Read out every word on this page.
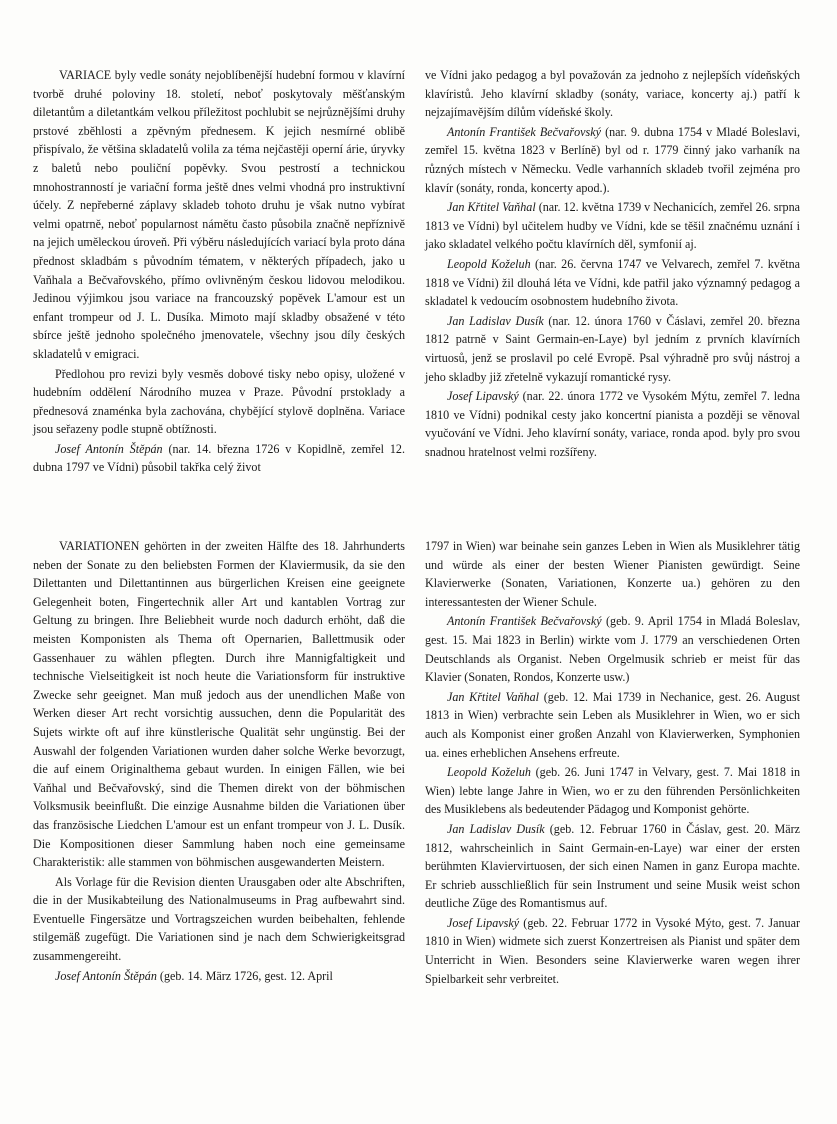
VARIACE byly vedle sonáty nejoblíbenější hudební formou v klavírní tvorbě druhé poloviny 18. století, neboť poskytovaly měšťanským diletantům a diletantkám velkou příležitost pochlubit se nejrůznějšími druhy prstové zběhlosti a zpěvným přednesem. K jejich nesmírné oblibě přispívalo, že většina skladatelů volila za téma nejčastěji operní árie, úryvky z baletů nebo pouliční popěvky. Svou pestrostí a technickou mnohostranností je variační forma ještě dnes velmi vhodná pro instruktivní účely. Z nepřeberné záplavy skladeb tohoto druhu je však nutno vybírat velmi opatrně, neboť popularnost námětu často působila značně nepříznivě na jejich uměleckou úroveň. Při výběru následujících variací byla proto dána přednost skladbám s původním tématem, v některých případech, jako u Vaňhala a Bečvařovského, přímo ovlivněným českou lidovou melodikou. Jedinou výjimkou jsou variace na francouzský popěvek L'amour est un enfant trompeur od J. L. Dusíka. Mimoto mají skladby obsažené v této sbírce ještě jednoho společného jmenovatele, všechny jsou díly českých skladatelů v emigraci.

Předlohou pro revizi byly vesměs dobové tisky nebo opisy, uložené v hudebním oddělení Národního muzea v Praze. Původní prstoklady a přednesová znaménka byla zachována, chybějící stylově doplněna. Variace jsou seřazeny podle stupně obtížnosti.

Josef Antonín Štěpán (nar. 14. března 1726 v Kopidlně, zemřel 12. dubna 1797 ve Vídni) působil takřka celý život

ve Vídni jako pedagog a byl považován za jednoho z nejlepších vídeňských klavíristů. Jeho klavírní skladby (sonáty, variace, koncerty aj.) patří k nejzajímavějším dílům vídeňské školy.

Antonín František Bečvařovský (nar. 9. dubna 1754 v Mladé Boleslavi, zemřel 15. května 1823 v Berlíně) byl od r. 1779 činný jako varhaník na různých místech v Německu. Vedle varhanních skladeb tvořil zejména pro klavír (sonáty, ronda, koncerty apod.).

Jan Křtitel Vaňhal (nar. 12. května 1739 v Nechanicích, zemřel 26. srpna 1813 ve Vídni) byl učitelem hudby ve Vídni, kde se těšil značnému uznání i jako skladatel velkého počtu klavírních děl, symfonií aj.

Leopold Koželuh (nar. 26. června 1747 ve Velvarech, zemřel 7. května 1818 ve Vídni) žil dlouhá léta ve Vídni, kde patřil jako významný pedagog a skladatel k vedoucím osobnostem hudebního života.

Jan Ladislav Dusík (nar. 12. února 1760 v Čáslavi, zemřel 20. března 1812 patrně v Saint Germain-en-Laye) byl jedním z prvních klavírních virtuosů, jenž se proslavil po celé Evropě. Psal výhradně pro svůj nástroj a jeho skladby již zřetelně vykazují romantické rysy.

Josef Lipavský (nar. 22. února 1772 ve Vysokém Mýtu, zemřel 7. ledna 1810 ve Vídni) podnikal cesty jako koncertní pianista a později se věnoval vyučování ve Vídni. Jeho klavírní sonáty, variace, ronda apod. byly pro svou snadnou hratelnost velmi rozšířeny.

VARIATIONEN gehörten in der zweiten Hälfte des 18. Jahrhunderts neben der Sonate zu den beliebsten Formen der Klaviermusik, da sie den Dilettanten und Dilettantinnen aus bürgerlichen Kreisen eine geeignete Gelegenheit boten, Fingertechnik aller Art und kantablen Vortrag zur Geltung zu bringen. Ihre Beliebheit wurde noch dadurch erhöht, daß die meisten Komponisten als Thema oft Opernarien, Ballettmusik oder Gassenhauer zu wählen pflegten. Durch ihre Mannigfaltigkeit und technische Vielseitigkeit ist noch heute die Variationsform für instruktive Zwecke sehr geeignet. Man muß jedoch aus der unendlichen Maße von Werken dieser Art recht vorsichtig aussuchen, denn die Popularität des Sujets wirkte oft auf ihre künstlerische Qualität sehr ungünstig. Bei der Auswahl der folgenden Variationen wurden daher solche Werke bevorzugt, die auf einem Originalthema gebaut wurden. In einigen Fällen, wie bei Vaňhal und Bečvařovský, sind die Themen direkt von der böhmischen Volksmusik beeinflußt. Die einzige Ausnahme bilden die Variationen über das französische Liedchen L'amour est un enfant trompeur von J. L. Dusík. Die Kompositionen dieser Sammlung haben noch eine gemeinsame Charakteristik: alle stammen von böhmischen ausgewanderten Meistern.

Als Vorlage für die Revision dienten Urausgaben oder alte Abschriften, die in der Musikabteilung des Nationalmuseums in Prag aufbewahrt sind. Eventuelle Fingersätze und Vortragszeichen wurden beibehalten, fehlende stilgemäß zugefügt. Die Variationen sind je nach dem Schwierigkeitsgrad zusammengereiht.

Josef Antonín Štěpán (geb. 14. März 1726, gest. 12. April

1797 in Wien) war beinahe sein ganzes Leben in Wien als Musiklehrer tätig und würde als einer der besten Wiener Pianisten gewürdigt. Seine Klavierwerke (Sonaten, Variationen, Konzerte ua.) gehören zu den interessantesten der Wiener Schule.

Antonín František Bečvařovský (geb. 9. April 1754 in Mladá Boleslav, gest. 15. Mai 1823 in Berlin) wirkte vom J. 1779 an verschiedenen Orten Deutschlands als Organist. Neben Orgelmusik schrieb er meist für das Klavier (Sonaten, Rondos, Konzerte usw.)

Jan Křtitel Vaňhal (geb. 12. Mai 1739 in Nechanice, gest. 26. August 1813 in Wien) verbrachte sein Leben als Musiklehrer in Wien, wo er sich auch als Komponist einer großen Anzahl von Klavierwerken, Symphonien ua. eines erheblichen Ansehens erfreute.

Leopold Koželuh (geb. 26. Juni 1747 in Velvary, gest. 7. Mai 1818 in Wien) lebte lange Jahre in Wien, wo er zu den führenden Persönlichkeiten des Musiklebens als bedeutender Pädagog und Komponist gehörte.

Jan Ladislav Dusík (geb. 12. Februar 1760 in Čáslav, gest. 20. März 1812, wahrscheinlich in Saint Germain-en-Laye) war einer der ersten berühmten Klaviervirtuosen, der sich einen Namen in ganz Europa machte. Er schrieb ausschließlich für sein Instrument und seine Musik weist schon deutliche Züge des Romantismus auf.

Josef Lipavský (geb. 22. Februar 1772 in Vysoké Mýto, gest. 7. Januar 1810 in Wien) widmete sich zuerst Konzertreisen als Pianist und später dem Unterricht in Wien. Besonders seine Klavierwerke waren wegen ihrer Spielbarkeit sehr verbreitet.
